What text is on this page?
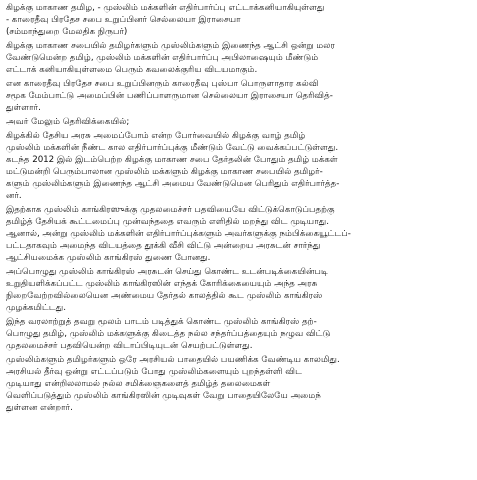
கிழக்கு மாகாண தமிழ, - முஸ்லிம் மக்களின் எதிர்பார்ப்பு எட்டாக்கனியாகியுள்ளது
- காரைதீவு பிரதேச சபை உறுப்பினர் செல்லையா இராசையா
(சம்மாந்துறை மேலதிக நிருபர்)
கிழக்கு மாகாண சபையில் தமிழர்களும் முஸ்லிம்களும் இணைந்த ஆட்சி ஒன்று மலர
வேண்டுமென்ற தமிழ், முஸ்லிம் மக்களின் எதிர்பார்ப்பு அபிலாஷையும் மீண்டும்
எட்டாக் கனியாகியுள்ளமை பெரும் கவலைக்குரிய விடயமாகும்.
என காரைதீவு பிரதேச சபை உறுப்பினரும் காரைதீவு புஸ்பா பொருளாதார கல்வி
சமூக மேம்பாட்டு அமைப்பின் பணிப்பாளருமான செல்லையா இராசையா தெரிவித்-
துள்ளார்.
அவர் மேலும் தெரிவிக்கையில்;
கிழக்கில் தேசிய அரசு அமைப்போம் என்ற போர்வையில் கிழக்கு வாழ் தமிழ்
முஸ்லிம் மக்களின் நீண்ட கால எதிர்பார்ப்புக்கு மீண்டும் வேட்டு வைக்கப்பட்டுள்ளது.
கடந்த 2012 இல் இடம்பெற்ற கிழக்கு மாகாண சபை தேர்தலின் போதும் தமிழ் மக்கள்
மட்டுமன்றி பெரும்பாலான முஸ்லிம் மக்களும் கிழக்கு மாகாண சபையில் தமிழர்-
களும் முஸ்லிம்களும் இணைந்த ஆட்சி அமைய வேண்டுமென பெரிதும் எதிர்பார்த்த-
னர்.
இதற்காக முஸ்லிம் காங்கிரஸுக்கு முதலமைச்சர் பதவியையே விட்டுக்கொடுப்பதற்கு
தமிழ்த் தேசியக் கூட்டமைப்பு முன்வந்ததை எவரும் எளிதில் மறந்து விட முடியாது.
ஆனால், அன்று முஸ்லிம் மக்களின் எதிர்பார்ப்புக்களும் அவர்களுக்கு நம்பிக்கையூட்டப்-
பட்டதாகவும் அமைந்த விடயத்தை தூக்கி வீசி விட்டு அன்றைய அரசுடன் சார்ந்து
ஆட்சியமைக்க முஸ்லிம் காங்கிரஸ் துணை போனது.
அப்பொழுது முஸ்லிம் காங்கிரஸ் அரசுடன் செய்து கொண்ட உடன்படிக்கையின்படி
உறுதியளிக்கப்பட்ட முஸ்லிம் காங்கிரஸின் எந்தக் கோரிக்கையையும் அந்த அரசு
நிறைவேற்றவில்லையென அண்மைய தேர்தல் காலத்தில் கூட முஸ்லிம் காங்கிரஸ்
முழக்கமிட்டது.
இந்த வரலாற்றுத் தவறு மூலம் பாடம் படித்துக் கொண்ட முஸ்லிம் காங்கிரஸ் தற்-
பொழுது தமிழ், முஸ்லிம் மக்களுக்கு கிடைத்த நல்ல சந்தர்ப்பத்தையும் நழுவ விட்டு
முதலமைச்சர் பதவியென்ற விடாப்பிடியுடன் செயற்பட்டுள்ளது.
முஸ்லிம்களும் தமிழர்களும் ஒரே அரசியல் பாதையில் பயணிக்க வேண்டிய காலமிது.
அரசியல் தீர்வு ஒன்று எட்டப்படும் போது முஸ்லிம்களையும் புறந்தள்ளி விட
முடியாது என்றிலலாமல் நல்ல சமிக்ஞைகளைத் தமிழ்த் தலைமைகள்
வெளிப்படுத்தும் முஸ்லிம் காங்கிரஸின் முடிவுகள் வேறு பாதையிலேயே அமைந்
துள்ளன என்றார்.
